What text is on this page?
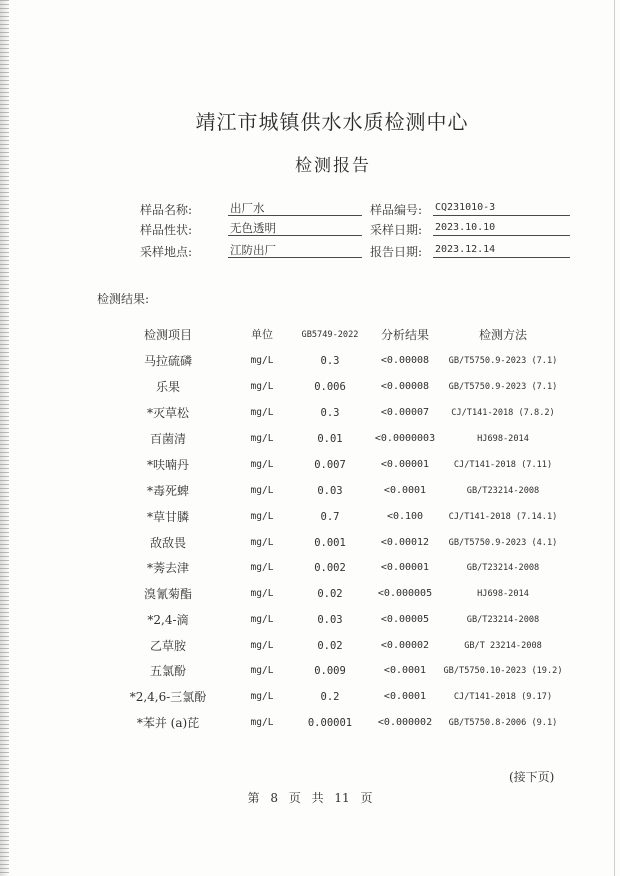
靖江市城镇供水水质检测中心
检测报告
样品名称:	出厂水	样品编号: CQ231010-3
样品性状:	无色透明	采样日期: 2023.10.10
采样地点:	江防出厂	报告日期: 2023.12.14
检测结果:
检测项目	单位	GB5749-2022	分析结果	检测方法
马拉硫磷	mg/L	0.3	<0.00008	GB/T5750.9-2023 (7.1)
乐果	mg/L	0.006	<0.00008	GB/T5750.9-2023 (7.1)
*灭草松	mg/L	0.3	<0.00007	CJ/T141-2018 (7.8.2)
百菌清	mg/L	0.01	<0.0000003	HJ698-2014
*呋喃丹	mg/L	0.007	<0.00001	CJ/T141-2018 (7.11)
*毒死蜱	mg/L	0.03	<0.0001	GB/T23214-2008
*草甘膦	mg/L	0.7	<0.100	CJ/T141-2018 (7.14.1)
敌敌畏	mg/L	0.001	<0.00012	GB/T5750.9-2023 (4.1)
*莠去津	mg/L	0.002	<0.00001	GB/T23214-2008
溴氰菊酯	mg/L	0.02	<0.000005	HJ698-2014
*2,4-滴	mg/L	0.03	<0.00005	GB/T23214-2008
乙草胺	mg/L	0.02	<0.00002	GB/T 23214-2008
五氯酚	mg/L	0.009	<0.0001	GB/T5750.10-2023 (19.2)
*2,4,6-三氯酚	mg/L	0.2	<0.0001	CJ/T141-2018 (9.17)
*苯并 (a)芘	mg/L	0.00001	<0.000002	GB/T5750.8-2006 (9.1)
(接下页)
第 8 页 共 11 页
